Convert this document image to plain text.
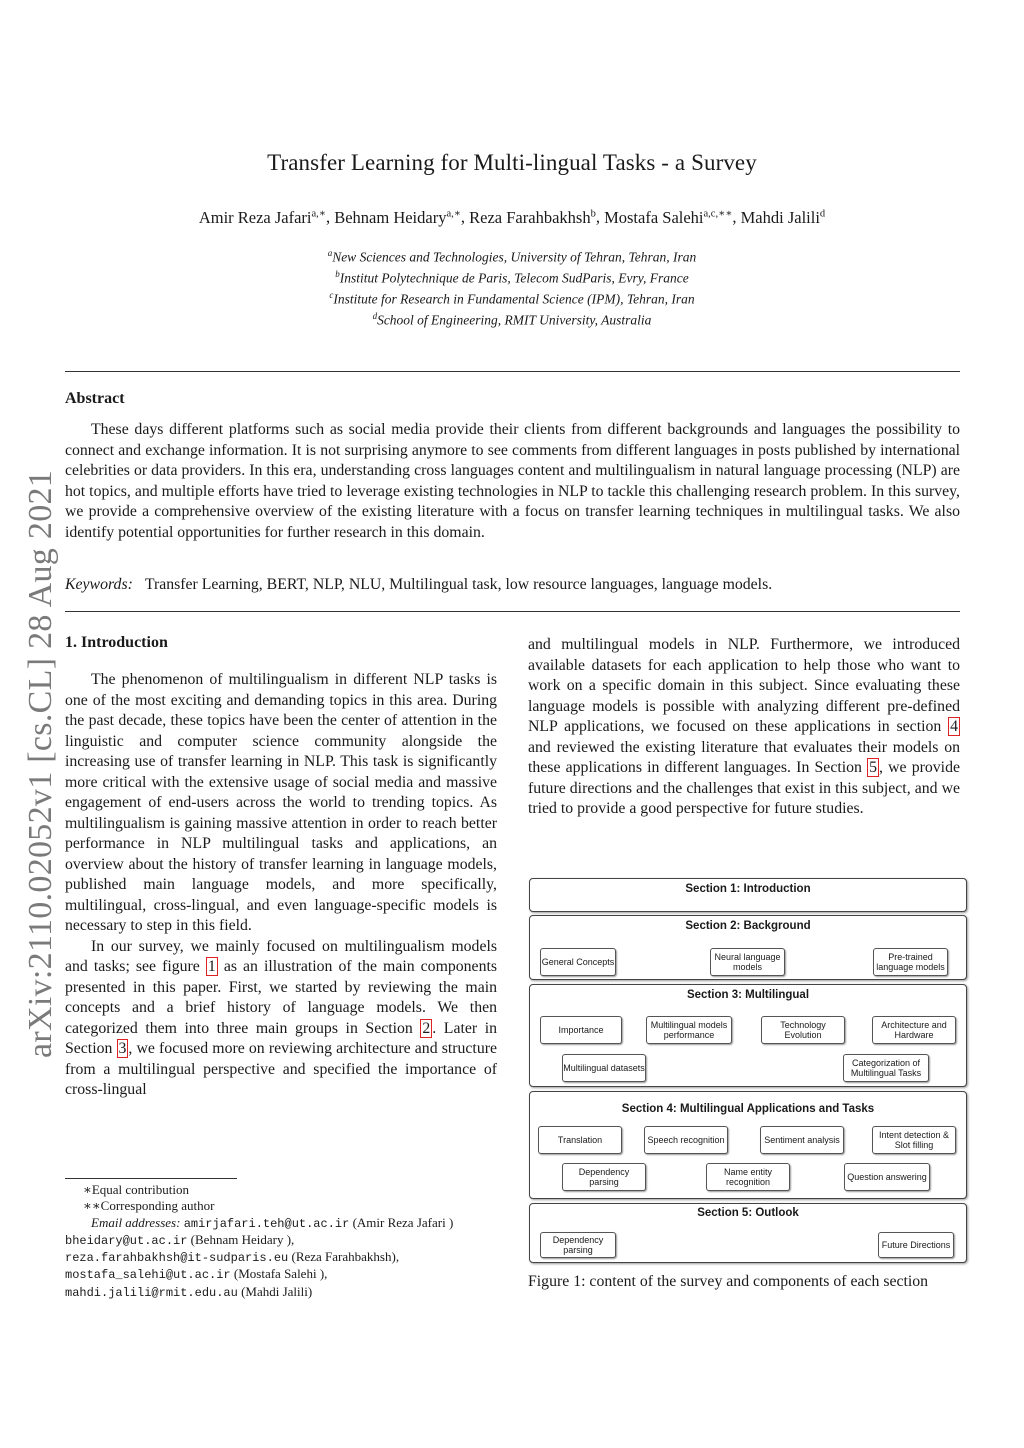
arXiv:2110.02052v1 [cs.CL] 28 Aug 2021
Transfer Learning for Multi-lingual Tasks - a Survey
Amir Reza Jafari$^{a,∗}$, Behnam Heidary$^{a,∗}$, Reza Farahbakhsh$^b$, Mostafa Salehi$^{a,c,∗∗}$, Mahdi Jalili$^d$
$^a$New Sciences and Technologies, University of Tehran, Tehran, Iran
$^b$Institut Polytechnique de Paris, Telecom SudParis, Evry, France
$^c$Institute for Research in Fundamental Science (IPM), Tehran, Iran
$^d$School of Engineering, RMIT University, Australia
Abstract

These days different platforms such as social media provide their clients from different backgrounds and languages the possibility to connect and exchange information. It is not surprising anymore to see comments from different languages in posts published by international celebrities or data providers. In this era, understanding cross languages content and multilingualism in natural language processing (NLP) are hot topics, and multiple efforts have tried to leverage existing technologies in NLP to tackle this challenging research problem. In this survey, we provide a comprehensive overview of the existing literature with a focus on transfer learning techniques in multilingual tasks. We also identify potential opportunities for further research in this domain.

Keywords: Transfer Learning, BERT, NLP, NLU, Multilingual task, low resource languages, language models.
1. Introduction

The phenomenon of multilingualism in different NLP tasks is one of the most exciting and demanding topics in this area. During the past decade, these topics have been the center of attention in the linguistic and computer science community alongside the increasing use of transfer learning in NLP. This task is significantly more critical with the extensive usage of social media and massive engagement of end-users across the world to trending topics. As multilingualism is gaining massive attention in order to reach better performance in NLP multilingual tasks and applications, an overview about the history of transfer learning in language models, published main language models, and more specifically, multilingual, cross-lingual, and even language-specific models is necessary to step in this field.

In our survey, we mainly focused on multilingualism models and tasks; see figure 1 as an illustration of the main components presented in this paper. First, we started by reviewing the main concepts and a brief history of language models. We then categorized them into three main groups in Section 2 . Later in Section 3 , we focused more on reviewing architecture and structure from a multilingual perspective and specified the importance of cross-lingual

and multilingual models in NLP. Furthermore, we introduced available datasets for each application to help those who want to work on a specific domain in this subject. Since evaluating these language models is possible with analyzing different pre-defined NLP applications, we focused on these applications in section 4 and reviewed the existing literature that evaluates their models on these applications in different languages. In Section 5 , we provide future directions and the challenges that exist in this subject, and we tried to provide a good perspective for future studies.

∗Equal contribution
∗∗Corresponding author
Email addresses: amirjafari.teh@ut.ac.ir (Amir Reza Jafari )
bheidary@ut.ac.ir (Behnam Heidary ),
reza.farahbakhsh@it-sudparis.eu (Reza Farahbakhsh),
mostafa_salehi@ut.ac.ir (Mostafa Salehi ),
mahdi.jalili@rmit.edu.au (Mahdi Jalili)
Section 1: Introduction
Section 2: Background
General Concepts	Neural language models
Pre-trained language models
Section 3: Multilingual
Importance	Multilingual models performance
Technology Evolution
Architecture and Hardware
Multilingual datasets	Categorization of Multilingual Tasks
Section 4: Multilingual Applications and Tasks
Translation	Speech recognition	Sentiment analysis	Intent detection & Slot filling
Dependency parsing
Name entity recognition	Question answering
Section 5: Outlook
Dependency parsing	Future Directions
Figure 1: content of the survey and components of each section
